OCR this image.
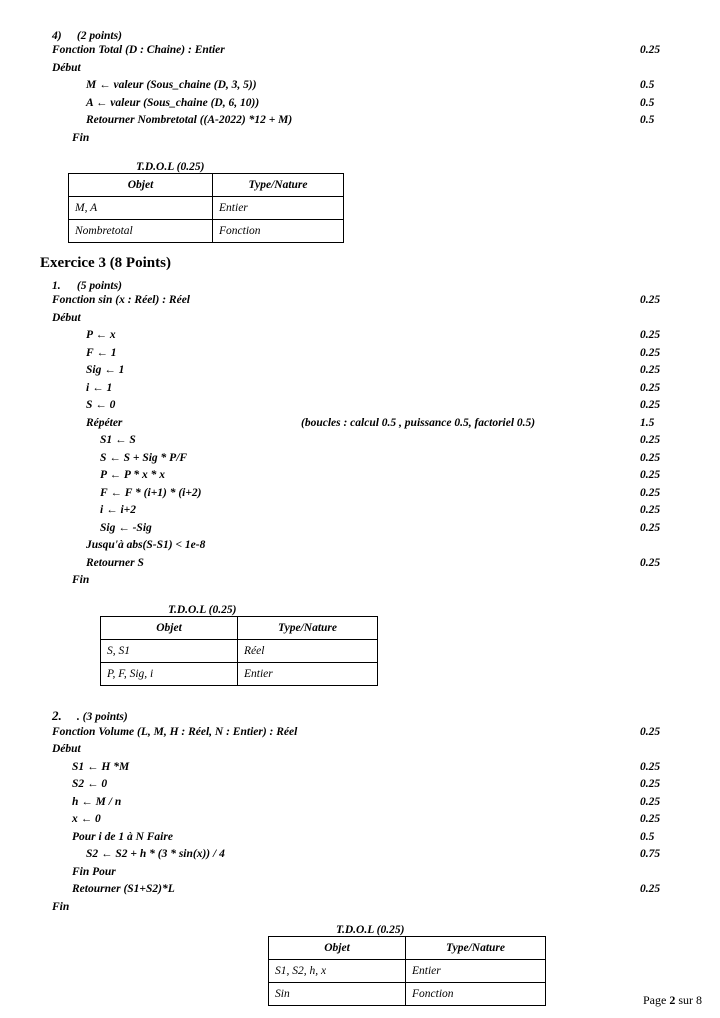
4) (2 points)
Fonction Total (D : Chaine) : Entier	0.25
Début
M ← valeur (Sous_chaine (D, 3, 5))	0.5
A ← valeur (Sous_chaine (D, 6, 10))	0.5
Retourner Nombretotal ((A-2022) *12 + M)	0.5
Fin
T.D.O.L (0.25)
Objet	Type/Nature
M, A	Entier
Nombretotal	Fonction
Exercice 3 (8 Points)
1. (5 points)
Fonction sin (x : Réel) : Réel	0.25
Début
P ← x	0.25
F ← 1	0.25
Sig ← 1	0.25
i ← 1	0.25
S ← 0	0.25
Répéter	(boucles : calcul 0.5 , puissance 0.5, factoriel 0.5)	1.5
S1 ← S	0.25
S ← S + Sig * P/F	0.25
P ← P * x * x	0.25
F ← F * (i+1) * (i+2)	0.25
i ← i+2	0.25
Sig ← -Sig	0.25
Jusqu'à abs(S-S1) < 1e-8
Retourner S	0.25
Fin
T.D.O.L (0.25)
Objet	Type/Nature
S, S1	Réel
P, F, Sig, i	Entier
2. . (3 points)
Fonction Volume (L, M, H : Réel, N : Entier) : Réel	0.25
Début
S1 ← H *M	0.25
S2 ← 0	0.25
h ← M / n	0.25
x ← 0	0.25
Pour i de 1 à N Faire	0.5
S2 ← S2 + h * (3 * sin(x)) / 4	0.75
Fin Pour
Retourner (S1+S2)*L	0.25
Fin
T.D.O.L (0.25)
Objet	Type/Nature
S1, S2, h, x	Entier
Sin	Fonction	Page 2 sur 8
